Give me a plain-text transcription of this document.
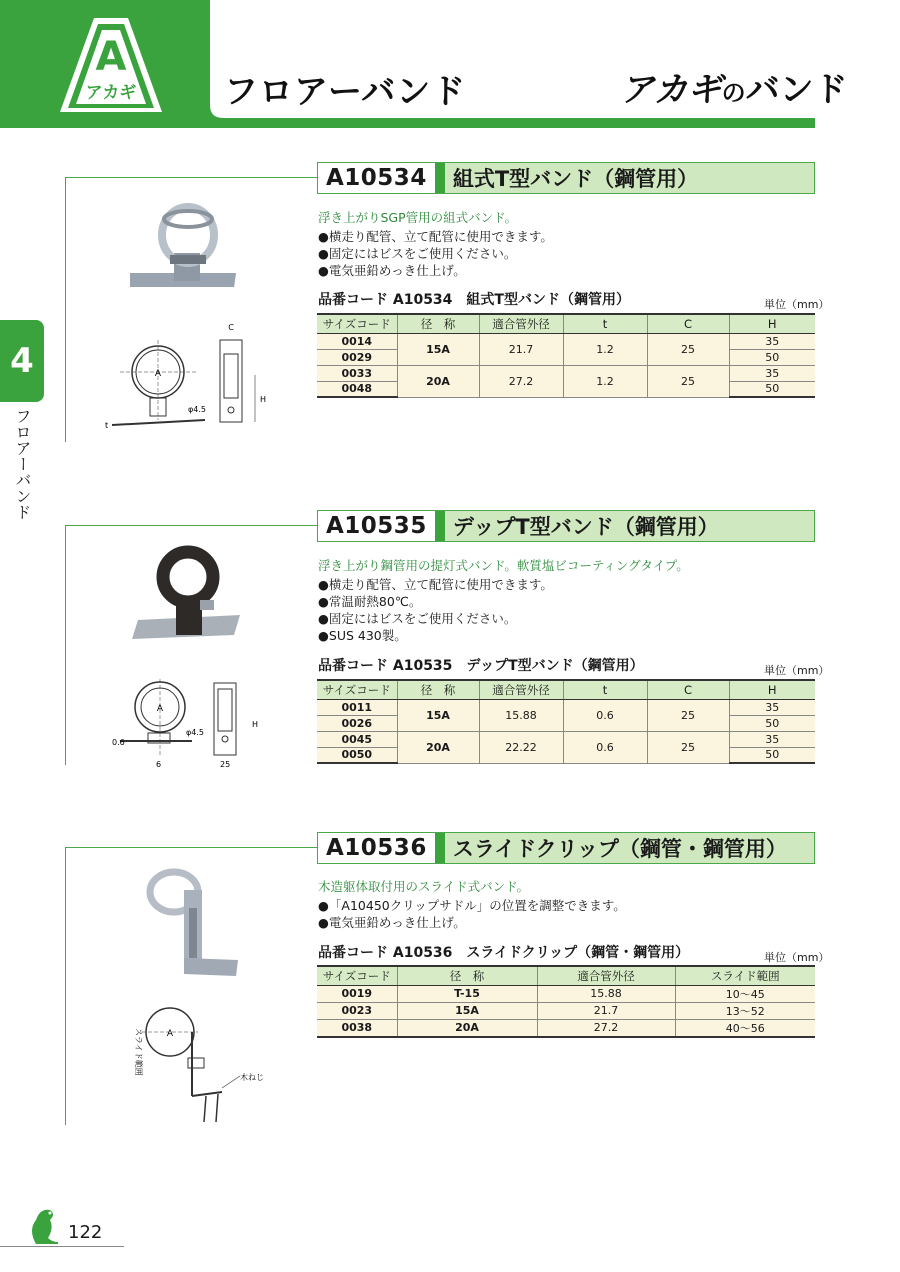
A
アカギ	フロアーバンド	アカギのバンド
4
フロアーバンド
A10534	組式T型バンド（鋼管用）
A
φ4.5
t
C
H
浮き上がりSGP管用の組式バンド。
●横走り配管、立て配管に使用できます。
●固定にはビスをご使用ください。
●電気亜鉛めっき仕上げ。
品番コード A10534　組式T型バンド（鋼管用）	単位（mm）
サイズコード	径　称	適合管外径	t	C	H
0014	15A	21.7	1.2	25	35
0029					50
0033	20A	27.2	1.2	25	35
0048					50
A10535	デップT型バンド（鋼管用）
A
φ4.5
0.6
6	25
H
浮き上がり鋼管用の提灯式バンド。軟質塩ビコーティングタイプ。
●横走り配管、立て配管に使用できます。
●常温耐熱80℃。
●固定にはビスをご使用ください。
●SUS 430製。
品番コード A10535　デップT型バンド（鋼管用）	単位（mm）
サイズコード	径　称	適合管外径	t	C	H
0011	15A	15.88	0.6	25	35
0026					50
0045	20A	22.22	0.6	25	35
0050					50
A10536	スライドクリップ（鋼管・鋼管用）
A
木ねじ
スライド範囲
木造躯体取付用のスライド式バンド。
●「A10450クリップサドル」の位置を調整できます。
●電気亜鉛めっき仕上げ。
品番コード A10536　スライドクリップ（鋼管・鋼管用）	単位（mm）
サイズコード	径　称	適合管外径	スライド範囲
0019	T-15	15.88	10〜45
0023	15A	21.7	13〜52
0038	20A	27.2	40〜56
122
